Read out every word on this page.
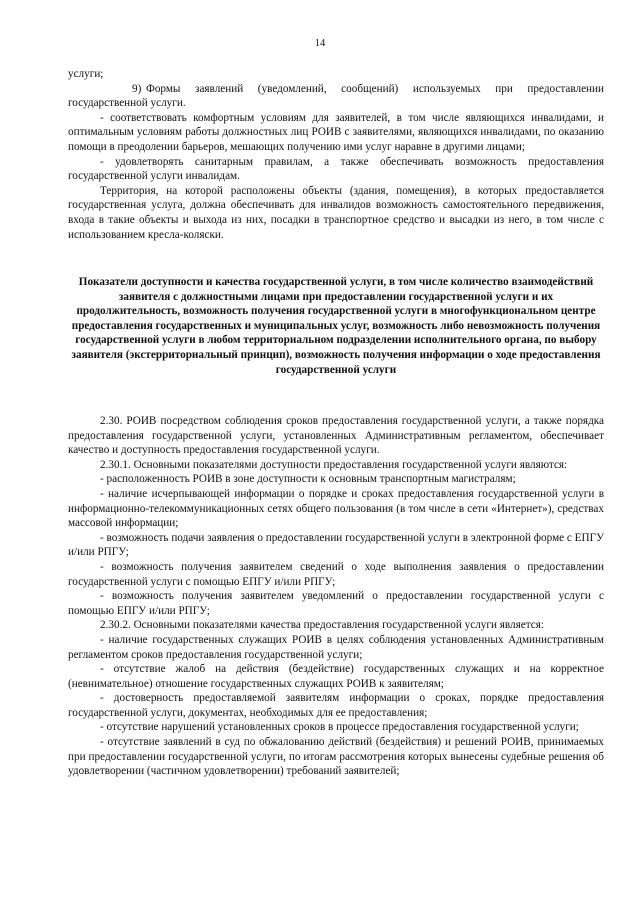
14

услуги;

9) Формы заявлений (уведомлений, сообщений) используемых при предоставлении государственной услуги.

- соответствовать комфортным условиям для заявителей, в том числе являющихся инвалидами, и оптимальным условиям работы должностных лиц РОИВ с заявителями, являющихся инвалидами, по оказанию помощи в преодолении барьеров, мешающих получению ими услуг наравне в другими лицами;

- удовлетворять санитарным правилам, а также обеспечивать возможность предоставления государственной услуги инвалидам.

Территория, на которой расположены объекты (здания, помещения), в которых предоставляется государственная услуга, должна обеспечивать для инвалидов возможность самостоятельного передвижения, входа в такие объекты и выхода из них, посадки в транспортное средство и высадки из него, в том числе с использованием кресла-коляски.

Показатели доступности и качества государственной услуги, в том числе количество взаимодействий заявителя с должностными лицами при предоставлении государственной услуги и их продолжительность, возможность получения государственной услуги в многофункциональном центре предоставления государственных и муниципальных услуг, возможность либо невозможность получения государственной услуги в любом территориальном подразделении исполнительного органа, по выбору заявителя (экстерриториальный принцип), возможность получения информации о ходе предоставления государственной услуги

2.30. РОИВ посредством соблюдения сроков предоставления государственной услуги, а также порядка предоставления государственной услуги, установленных Административным регламентом, обеспечивает качество и доступность предоставления государственной услуги.

2.30.1. Основными показателями доступности предоставления государственной услуги являются:

- расположенность РОИВ в зоне доступности к основным транспортным магистралям;

- наличие исчерпывающей информации о порядке и сроках предоставления государственной услуги в информационно-телекоммуникационных сетях общего пользования (в том числе в сети «Интернет»), средствах массовой информации;

- возможность подачи заявления о предоставлении государственной услуги в электронной форме с ЕПГУ и/или РПГУ;

- возможность получения заявителем сведений о ходе выполнения заявления о предоставлении государственной услуги с помощью ЕПГУ и/или РПГУ;

- возможность получения заявителем уведомлений о предоставлении государственной услуги с помощью ЕПГУ и/или РПГУ;

2.30.2. Основными показателями качества предоставления государственной услуги является:

- наличие государственных служащих РОИВ в целях соблюдения установленных Административным регламентом сроков предоставления государственной услуги;

- отсутствие жалоб на действия (бездействие) государственных служащих и на корректное (невнимательное) отношение государственных служащих РОИВ к заявителям;

- достоверность предоставляемой заявителям информации о сроках, порядке предоставления государственной услуги, документах, необходимых для ее предоставления;

- отсутствие нарушений установленных сроков в процессе предоставления государственной услуги;

- отсутствие заявлений в суд по обжалованию действий (бездействия) и решений РОИВ, принимаемых при предоставлении государственной услуги, по итогам рассмотрения которых вынесены судебные решения об удовлетворении (частичном удовлетворении) требований заявителей;
